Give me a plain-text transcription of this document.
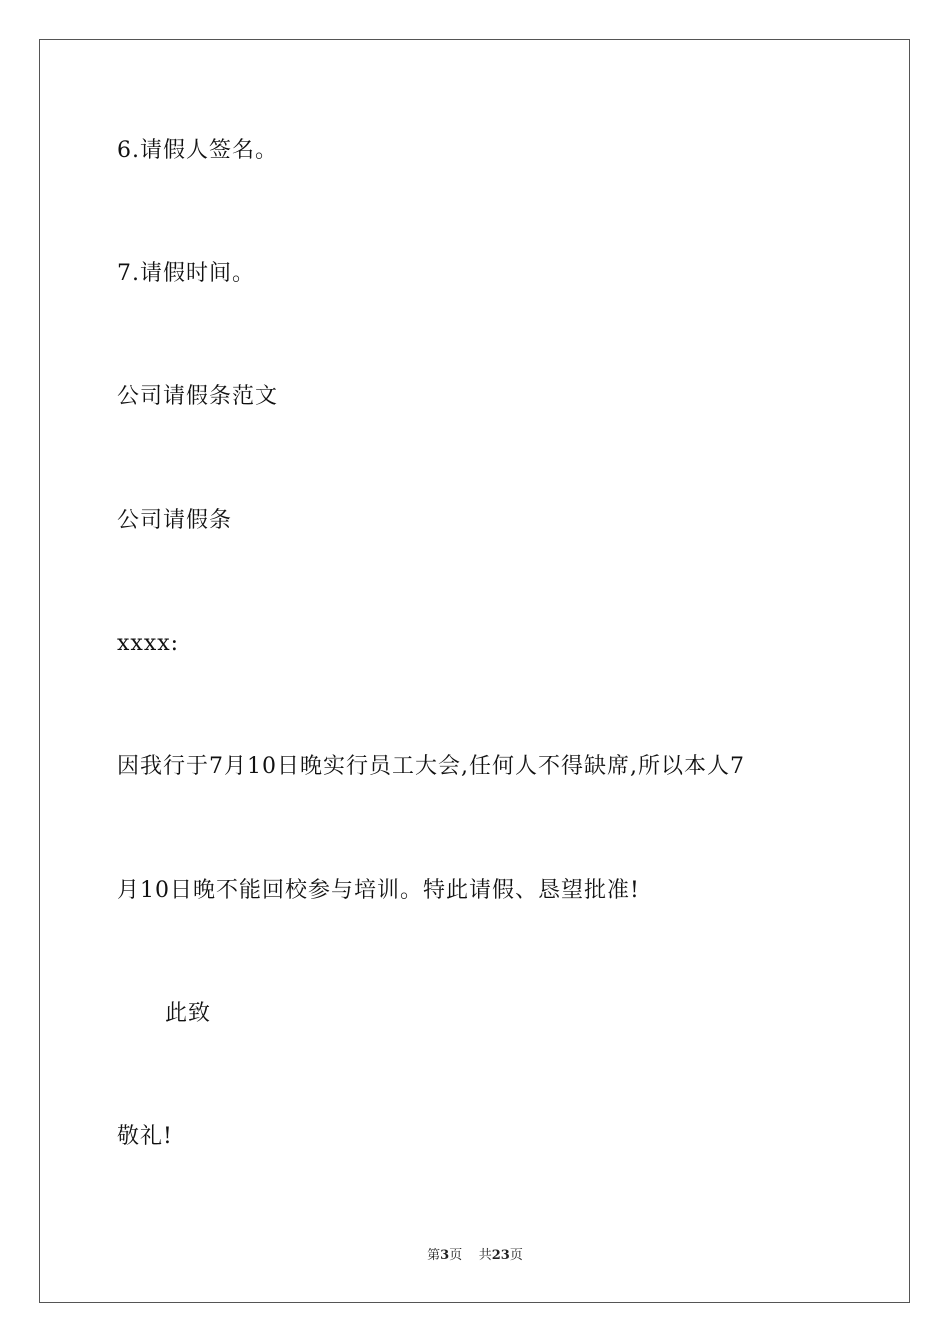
6.请假人签名。
7.请假时间。
公司请假条范文
公司请假条
xxxx:
因我行于7月10日晚实行员工大会,任何人不得缺席,所以本人7
月10日晚不能回校参与培训。特此请假、恳望批准!
此致
敬礼!
第3页 共23页
